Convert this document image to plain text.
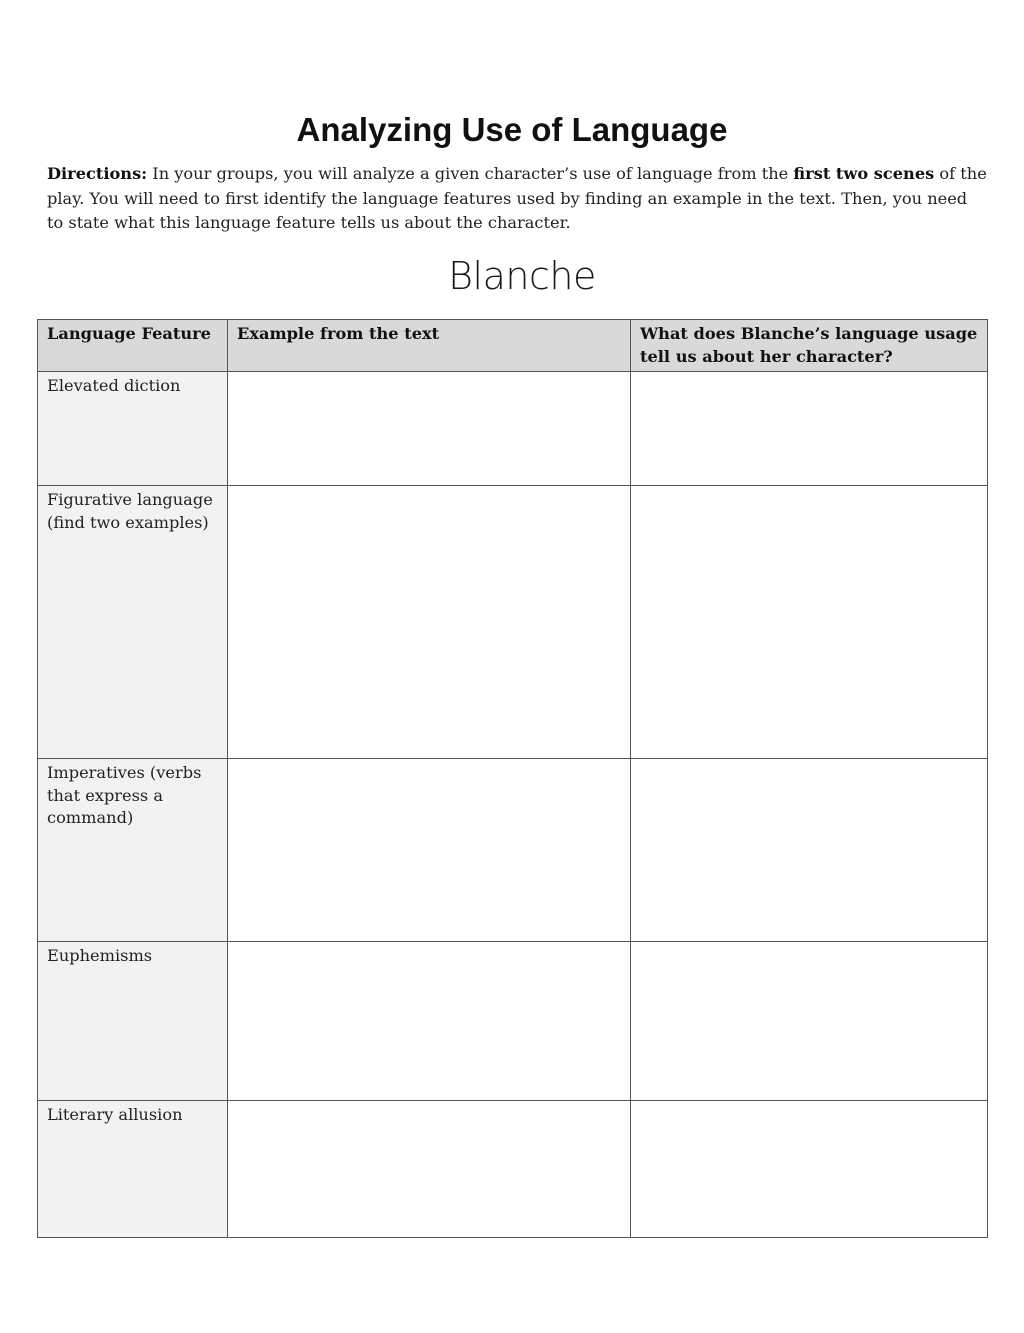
Analyzing Use of Language
Directions: In your groups, you will analyze a given character’s use of language from the first two scenes of the play. You will need to first identify the language features used by finding an example in the text. Then, you need to state what this language feature tells us about the character.
Blanche
Language Feature	Example from the text	What does Blanche’s language usage tell us about her character?
Elevated diction		
Figurative language (find two examples)		
Imperatives (verbs that express a command)		
Euphemisms		
Literary allusion		
